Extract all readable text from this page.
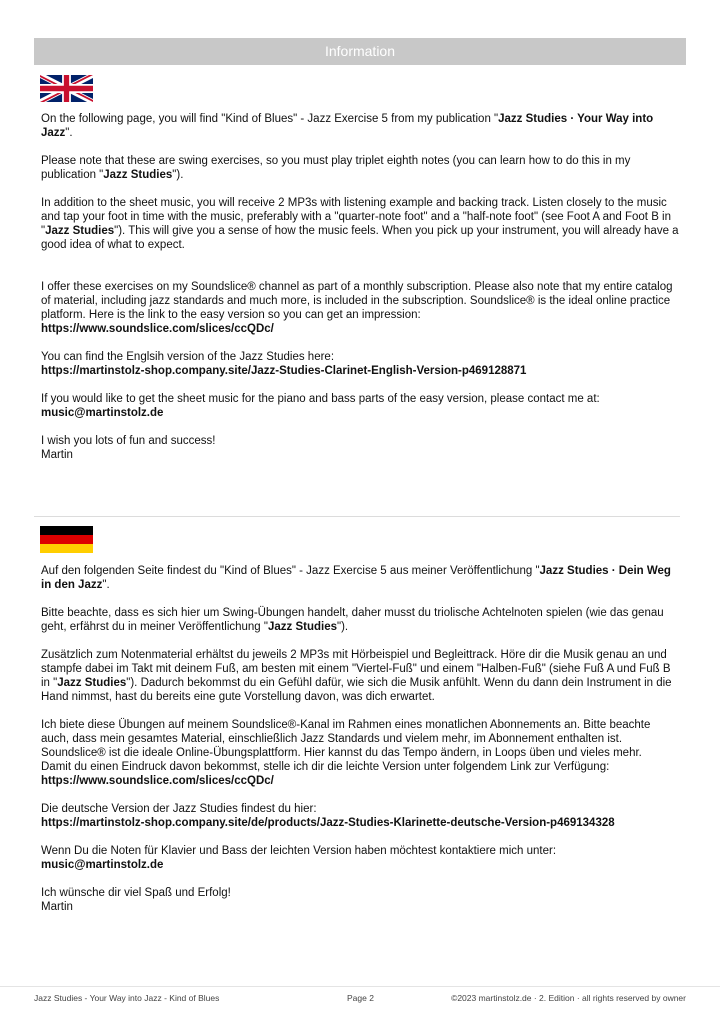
Information

On the following page, you will find "Kind of Blues" - Jazz Exercise 5 from my publication "Jazz Studies · Your Way into Jazz".

Please note that these are swing exercises, so you must play triplet eighth notes (you can learn how to do this in my publication "Jazz Studies").

In addition to the sheet music, you will receive 2 MP3s with listening example and backing track. Listen closely to the music and tap your foot in time with the music, preferably with a "quarter-note foot" and a "half-note foot" (see Foot A and Foot B in "Jazz Studies"). This will give you a sense of how the music feels. When you pick up your instrument, you will already have a good idea of what to expect.

I offer these exercises on my Soundslice® channel as part of a monthly subscription. Please also note that my entire catalog of material, including jazz standards and much more, is included in the subscription. Soundslice® is the ideal online practice platform. Here is the link to the easy version so you can get an impression:
https://www.soundslice.com/slices/ccQDc/

You can find the Englsih version of the Jazz Studies here:
https://martinstolz-shop.company.site/Jazz-Studies-Clarinet-English-Version-p469128871

If you would like to get the sheet music for the piano and bass parts of the easy version, please contact me at:
music@martinstolz.de

I wish you lots of fun and success!
Martin

Auf den folgenden Seite findest du "Kind of Blues" - Jazz Exercise 5 aus meiner Veröffentlichung "Jazz Studies · Dein Weg in den Jazz".

Bitte beachte, dass es sich hier um Swing-Übungen handelt, daher musst du triolische Achtelnoten spielen (wie das genau geht, erfährst du in meiner Veröffentlichung "Jazz Studies").

Zusätzlich zum Notenmaterial erhältst du jeweils 2 MP3s mit Hörbeispiel und Begleittrack. Höre dir die Musik genau an und stampfe dabei im Takt mit deinem Fuß, am besten mit einem "Viertel-Fuß" und einem "Halben-Fuß" (siehe Fuß A und Fuß B in "Jazz Studies"). Dadurch bekommst du ein Gefühl dafür, wie sich die Musik anfühlt. Wenn du dann dein Instrument in die Hand nimmst, hast du bereits eine gute Vorstellung davon, was dich erwartet.

Ich biete diese Übungen auf meinem Soundslice®-Kanal im Rahmen eines monatlichen Abonnements an. Bitte beachte auch, dass mein gesamtes Material, einschließlich Jazz Standards und vielem mehr, im Abonnement enthalten ist. Soundslice® ist die ideale Online-Übungsplattform. Hier kannst du das Tempo ändern, in Loops üben und vieles mehr.
Damit du einen Eindruck davon bekommst, stelle ich dir die leichte Version unter folgendem Link zur Verfügung:
https://www.soundslice.com/slices/ccQDc/

Die deutsche Version der Jazz Studies findest du hier:
https://martinstolz-shop.company.site/de/products/Jazz-Studies-Klarinette-deutsche-Version-p469134328

Wenn Du die Noten für Klavier und Bass der leichten Version haben möchtest kontaktiere mich unter:
music@martinstolz.de

Ich wünsche dir viel Spaß und Erfolg!
Martin

Jazz Studies - Your Way into Jazz - Kind of Blues	Page 2	©2023 martinstolz.de · 2. Edition · all rights reserved by owner
